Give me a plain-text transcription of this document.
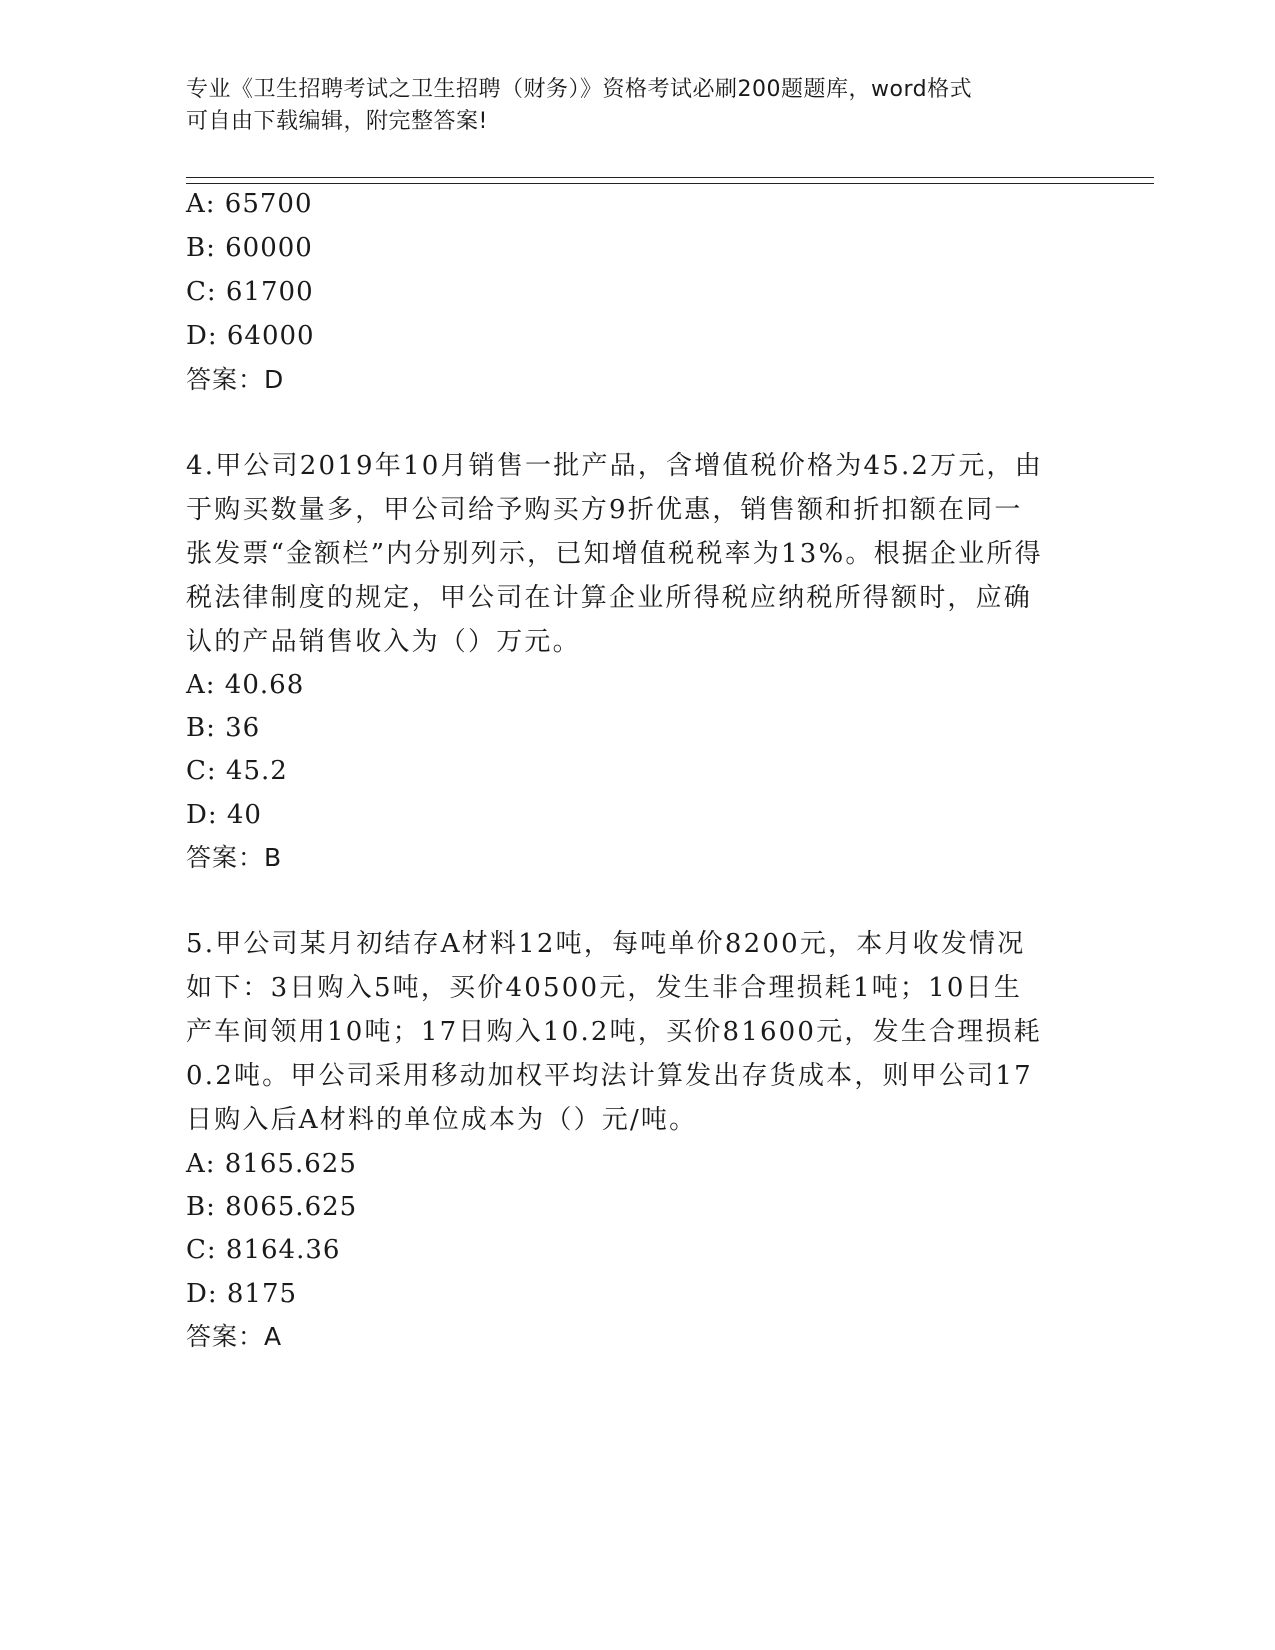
专业《卫生招聘考试之卫生招聘（财务）》资格考试必刷200题题库，word格式
可自由下载编辑，附完整答案!
A: 65700
B: 60000
C: 61700
D: 64000
答案：D
4.甲公司2019年10月销售一批产品，含增值税价格为45.2万元，由
于购买数量多，甲公司给予购买方9折优惠，销售额和折扣额在同一
张发票“金额栏”内分别列示，已知增值税税率为13%。根据企业所得
税法律制度的规定，甲公司在计算企业所得税应纳税所得额时，应确
认的产品销售收入为（）万元。
A: 40.68
B: 36
C: 45.2
D: 40
答案：B
5.甲公司某月初结存A材料12吨，每吨单价8200元，本月收发情况
如下：3日购入5吨，买价40500元，发生非合理损耗1吨；10日生
产车间领用10吨；17日购入10.2吨，买价81600元，发生合理损耗
0.2吨。甲公司采用移动加权平均法计算发出存货成本，则甲公司17
日购入后A材料的单位成本为（）元/吨。
A: 8165.625
B: 8065.625
C: 8164.36
D: 8175
答案：A
